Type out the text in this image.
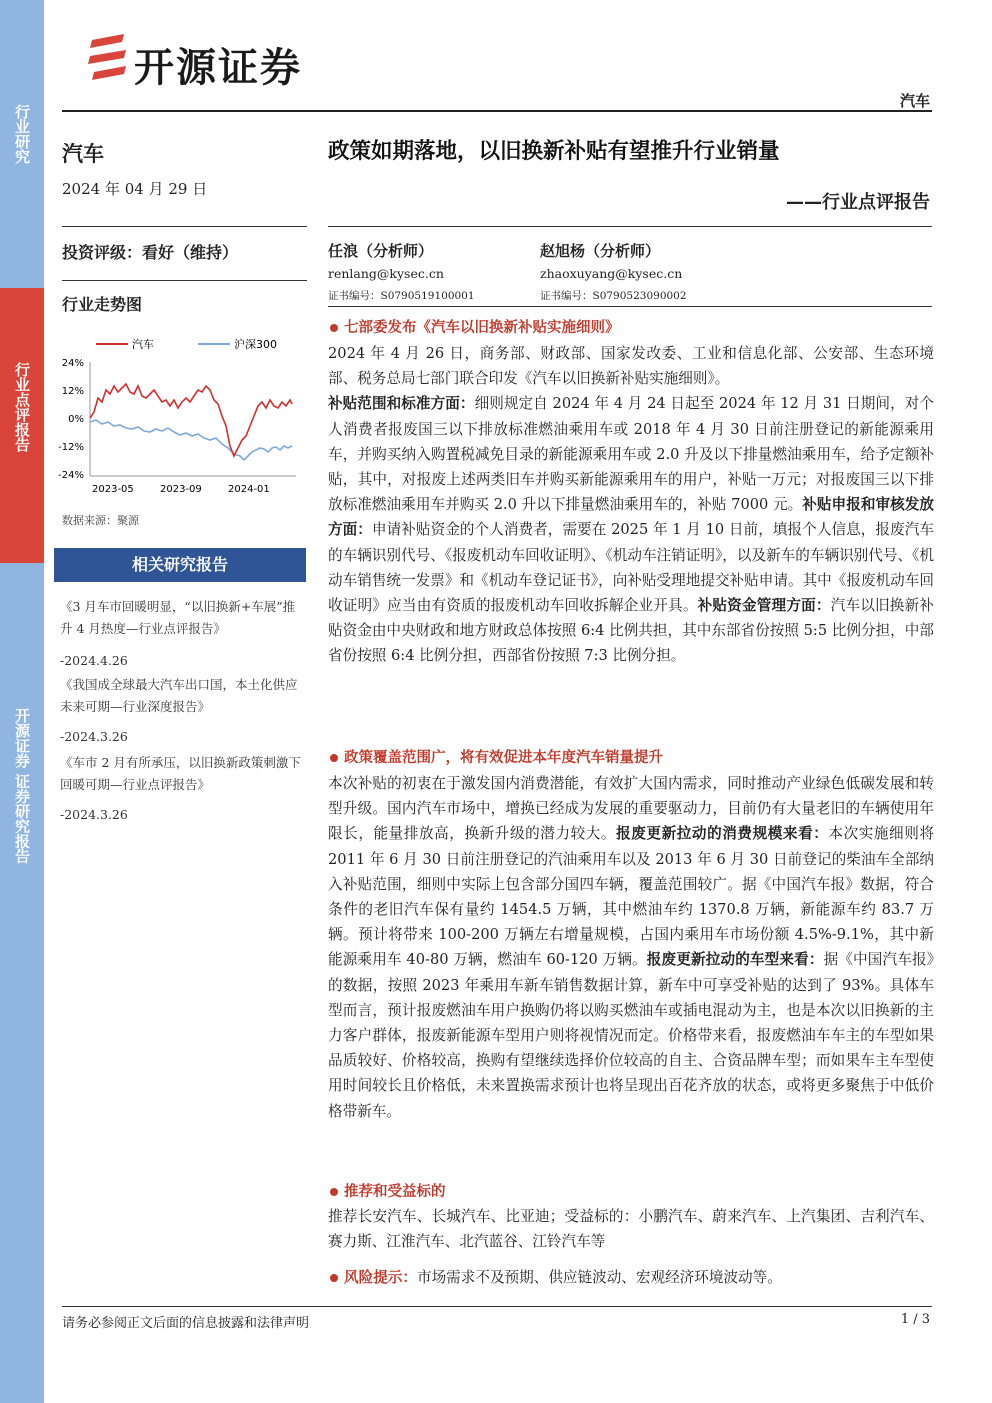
行业研究
行业点评报告
开源证券 证券研究报告
开源证券
汽车
汽车
2024 年 04 月 29 日
投资评级：看好（维持）
行业走势图
汽车	沪深300
24%
12%
0%
-12%
-24%
2023-05	2023-09	2024-01
数据来源：聚源
相关研究报告
《3 月车市回暖明显，“以旧换新+车展”推升 4 月热度—行业点评报告》
-2024.4.26
《我国成全球最大汽车出口国，本土化供应未来可期—行业深度报告》
-2024.3.26
《车市 2 月有所承压，以旧换新政策刺激下回暖可期—行业点评报告》
-2024.3.26
政策如期落地，以旧换新补贴有望推升行业销量
——行业点评报告
任浪（分析师）
renlang@kysec.cn
证书编号：S0790519100001
赵旭杨（分析师）
zhaoxuyang@kysec.cn
证书编号：S0790523090002
七部委发布《汽车以旧换新补贴实施细则》
2024 年 4 月 26 日，商务部、财政部、国家发改委、工业和信息化部、公安部、生态环境部、税务总局七部门联合印发《汽车以旧换新补贴实施细则》。
补贴范围和标准方面：细则规定自 2024 年 4 月 24 日起至 2024 年 12 月 31 日期间，对个人消费者报废国三以下排放标准燃油乘用车或 2018 年 4 月 30 日前注册登记的新能源乘用车，并购买纳入购置税减免目录的新能源乘用车或 2.0 升及以下排量燃油乘用车，给予定额补贴，其中，对报废上述两类旧车并购买新能源乘用车的用户，补贴一万元；对报废国三以下排放标准燃油乘用车并购买 2.0 升以下排量燃油乘用车的，补贴 7000 元。补贴申报和审核发放方面：申请补贴资金的个人消费者，需要在 2025 年 1 月 10 日前，填报个人信息，报废汽车的车辆识别代号、《报废机动车回收证明》、《机动车注销证明》，以及新车的车辆识别代号、《机动车销售统一发票》和《机动车登记证书》，向补贴受理地提交补贴申请。其中《报废机动车回收证明》应当由有资质的报废机动车回收拆解企业开具。补贴资金管理方面：汽车以旧换新补贴资金由中央财政和地方财政总体按照 6:4 比例共担，其中东部省份按照 5:5 比例分担，中部省份按照 6:4 比例分担，西部省份按照 7:3 比例分担。
政策覆盖范围广，将有效促进本年度汽车销量提升
本次补贴的初衷在于激发国内消费潜能，有效扩大国内需求，同时推动产业绿色低碳发展和转型升级。国内汽车市场中，增换已经成为发展的重要驱动力，目前仍有大量老旧的车辆使用年限长，能量排放高，换新升级的潜力较大。报废更新拉动的消费规模来看：本次实施细则将 2011 年 6 月 30 日前注册登记的汽油乘用车以及 2013 年 6 月 30 日前登记的柴油车全部纳入补贴范围，细则中实际上包含部分国四车辆，覆盖范围较广。据《中国汽车报》数据，符合条件的老旧汽车保有量约 1454.5 万辆，其中燃油车约 1370.8 万辆，新能源车约 83.7 万辆。预计将带来 100-200 万辆左右增量规模，占国内乘用车市场份额 4.5%-9.1%，其中新能源乘用车 40-80 万辆，燃油车 60-120 万辆。报废更新拉动的车型来看：据《中国汽车报》的数据，按照 2023 年乘用车新车销售数据计算，新车中可享受补贴的达到了 93%。具体车型而言，预计报废燃油车用户换购仍将以购买燃油车或插电混动为主，也是本次以旧换新的主力客户群体，报废新能源车型用户则将视情况而定。价格带来看，报废燃油车车主的车型如果品质较好、价格较高，换购有望继续选择价位较高的自主、合资品牌车型；而如果车主车型使用时间较长且价格低，未来置换需求预计也将呈现出百花齐放的状态，或将更多聚焦于中低价格带新车。
推荐和受益标的
推荐长安汽车、长城汽车、比亚迪；受益标的：小鹏汽车、蔚来汽车、上汽集团、吉利汽车、赛力斯、江淮汽车、北汽蓝谷、江铃汽车等
风险提示：市场需求不及预期、供应链波动、宏观经济环境波动等。
请务必参阅正文后面的信息披露和法律声明	1 / 3
